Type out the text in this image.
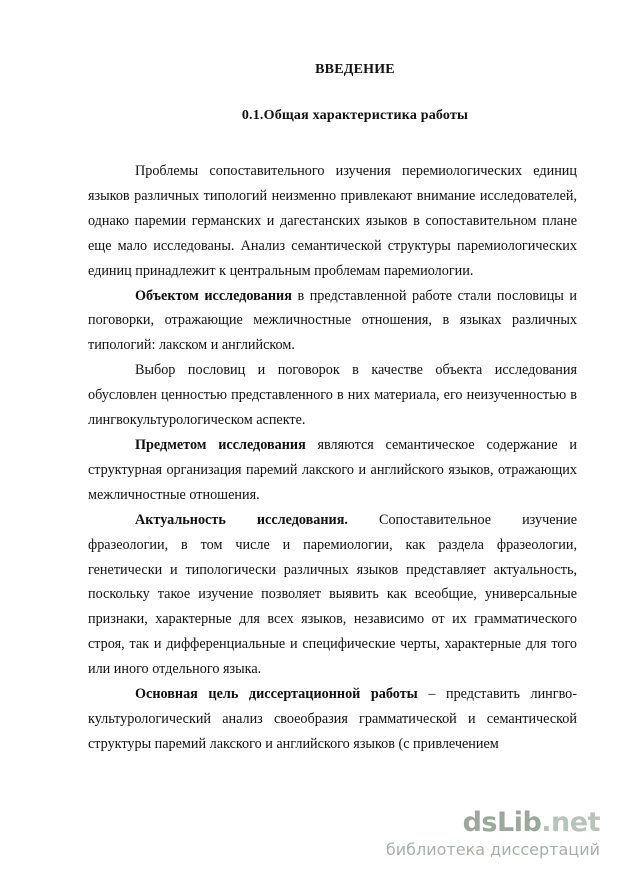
ВВЕДЕНИЕ
0.1.Общая характеристика работы

Проблемы сопоставительного изучения перемиологических единиц языков различных типологий неизменно привлекают внимание исследователей, однако паремии германских и дагестанских языков в сопоставительном плане еще мало исследованы. Анализ семантической структуры паремиологических единиц принадлежит к центральным проблемам паремиологии.

Объектом исследования в представленной работе стали пословицы и поговорки, отражающие межличностные отношения, в языках различных типологий: лакском и английском.

Выбор пословиц и поговорок в качестве объекта исследования обусловлен ценностью представленного в них материала, его неизученностью в лингвокультурологическом аспекте.

Предметом исследования являются семантическое содержание и структурная организация паремий лакского и английского языков, отражающих межличностные отношения.

Актуальность исследования. Сопоставительное изучение фразеологии, в том числе и паремиологии, как раздела фразеологии, генетически и типологически различных языков представляет актуальность, поскольку такое изучение позволяет выявить как всеобщие, универсальные признаки, характерные для всех языков, независимо от их грамматического строя, так и дифференциальные и специфические черты, характерные для того или иного отдельного языка.

Основная цель диссертационной работы – представить лингво-культурологический анализ своеобразия грамматической и семантической структуры паремий лакского и английского языков (с привлечением

dsLib.net
библиотека диссертаций
